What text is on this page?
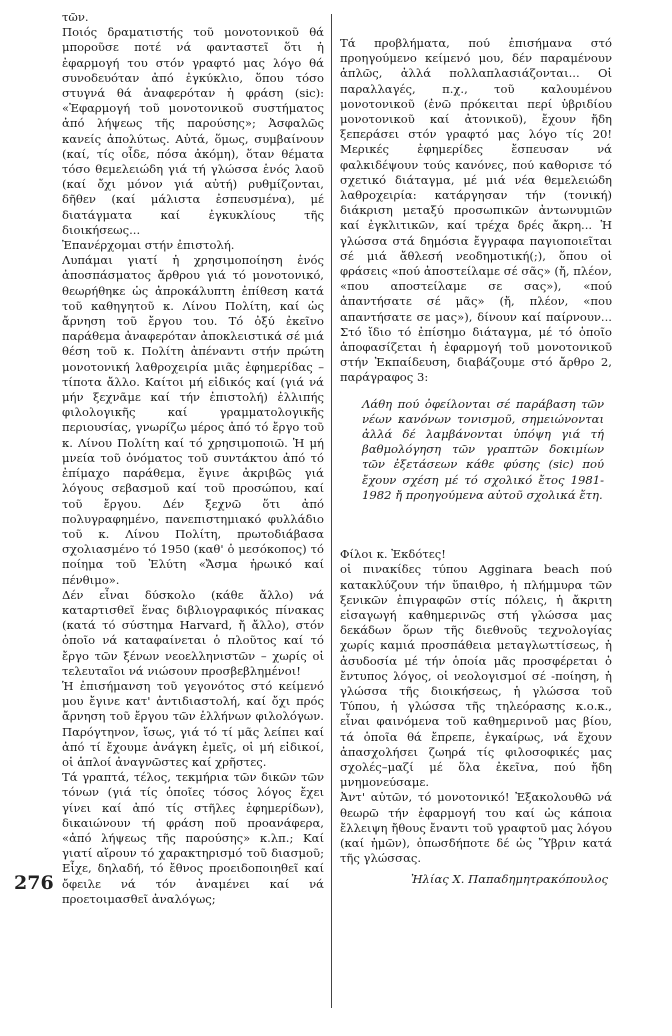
276

τῶν.

Ποιός δραματιστής τοῦ μονοτονικοῦ θά μποροῦσε ποτέ νά φανταστεῖ ὅτι ἡ ἐφαρμογή του στόν γραφτό μας λόγο θά συνοδευόταν ἀπό ἐγκύκλιο, ὅπου τόσο στυγνά θά ἀναφερόταν ἡ φράση (sic): «Ἐφαρμογή τοῦ μονοτονικοῦ συστήματος ἀπό λήψεως τῆς παρούσης»; Ἀσφαλῶς κανείς ἀπολύτως. Αὐτά, ὅμως, συμβαίνουν (καί, τίς οἶδε, πόσα ἀκόμη), ὅταν θέματα τόσο θεμελειώδη γιά τή γλώσσα ἑνός λαοῦ (καί ὄχι μόνον γιά αὐτή) ρυθμίζονται, δῆθεν (καί μάλιστα ἐσπευσμένα), μέ διατάγματα καί ἐγκυκλίους τῆς διοικήσεως...

Ἐπανέρχομαι στήν ἐπιστολή.

Λυπάμαι γιατί ἡ χρησιμοποίηση ἑνός ἀποσπάσματος ἄρθρου γιά τό μονοτονικό, θεωρήθηκε ὡς ἀπροκάλυπτη ἐπίθεση κατά τοῦ καθηγητοῦ κ. Λίνου Πολίτη, καί ὡς ἄρνηση τοῦ ἔργου του. Τό ὀξύ ἐκεῖνο παράθεμα ἀναφερόταν ἀποκλειστικά σέ μιά θέση τοῦ κ. Πολίτη ἀπέναντι στήν πρώτη μονοτονική λαθροχειρία μιᾶς ἐφημερίδας –τίποτα ἄλλο. Καίτοι μή εἰδικός καί (γιά νά μήν ξεχνᾶμε καί τήν ἐπιστολή) ἐλλιπής φιλολογικῆς καί γραμματολογικῆς περιουσίας, γνωρίζω μέρος ἀπό τό ἔργο τοῦ κ. Λίνου Πολίτη καί τό χρησιμοποιῶ. Ἡ μή μνεία τοῦ ὀνόματος τοῦ συντάκτου ἀπό τό ἐπίμαχο παράθεμα, ἔγινε ἀκριβῶς γιά λόγους σεβασμοῦ καί τοῦ προσώπου, καί τοῦ ἔργου. Δέν ξεχνῶ ὅτι ἀπό πολυγραφημένο, πανεπιστημιακό φυλλάδιο τοῦ κ. Λίνου Πολίτη, πρωτοδιάβασα σχολιασμένο τό 1950 (καθ' ὁ μεσόκοπος) τό ποίημα τοῦ Ἐλύτη «Ἄσμα ἡρωικό καί πένθιμο».

Δέν εἶναι δύσκολο (κάθε ἄλλο) νά καταρτισθεῖ ἕνας διβλιογραφικός πίνακας (κατά τό σύστημα Harvard, ἤ ἄλλο), στόν ὁποῖο νά καταφαίνεται ὁ πλοῦτος καί τό ἔργο τῶν ξένων νεοελληνιστῶν – χωρίς οἱ τελευταῖοι νά νιώσουν προσβεβλημένοι!

Ἡ ἐπισήμανση τοῦ γεγονότος στό κείμενό μου ἔγινε κατ' ἀντιδιαστολή, καί ὄχι πρός ἄρνηση τοῦ ἔργου τῶν ἑλλήνων φιλολόγων. Παρόγτηνον, ἴσως, γιά τό τί μᾶς λείπει καί ἀπό τί ἔχουμε ἀνάγκη ἐμεῖς, οἱ μή εἰδικοί, οἱ ἁπλοί ἀναγνῶστες καί χρῆστες.

Τά γραπτά, τέλος, τεκμήρια τῶν δικῶν τῶν τόνων (γιά τίς ὁποῖες τόσος λόγος ἔχει γίνει καί ἀπό τίς στῆλες ἐφημερίδων), δικαιώνουν τή φράση ποῦ προανάφερα, «ἀπό λήψεως τῆς παρούσης» κ.λπ.; Καί γιατί αἴρουν τό χαρακτηρισμό τοῦ διασμοῦ; Εἶχε, δηλαδή, τό ἔθνος προειδοποιηθεῖ καί ὄφειλε νά τόν ἀναμένει καί νά προετοιμασθεῖ ἀναλόγως;

Τά προβλήματα, πού ἐπισήμανα στό προηγούμενο κείμενό μου, δέν παραμένουν ἁπλῶς, ἀλλά πολλαπλασιάζονται... Οἱ παραλλαγές, π.χ., τοῦ καλουμένου μονοτονικοῦ (ἐνῶ πρόκειται περί ὑβριδίου μονοτονικοῦ καί ἀτονικοῦ), ἔχουν ἤδη ξεπεράσει στόν γραφτό μας λόγο τίς 20! Μερικές ἐφημερίδες ἔσπευσαν νά φαλκιδέψουν τούς κανόνες, πού καθορισε τό σχετικό διάταγμα, μέ μιά νέα θεμελειώδη λαθροχειρία: κατάργησαν τήν (τονική) διάκριση μεταξύ προσωπικῶν ἀντωνυμιῶν καί ἐγκλιτικῶν, καί τρέχα δρές ἄκρη... Ἡ γλώσσα στά δημόσια ἔγγραφα παγιοποιεῖται σέ μιά ἄθλεσή νεοδημοτική(;), ὅπου οἱ φράσεις «πού ἀποστείλαμε σέ σᾶς» (ἤ, πλέον, «που αποστείλαμε σε σας»), «πού ἀπαντήσατε σέ μᾶς» (ἤ, πλέον, «που απαντήσατε σε μας»), δίνουν καί παίρνουν... Στό ἴδιο τό ἐπίσημο διάταγμα, μέ τό ὁποῖο ἀποφασίζεται ἡ ἐφαρμογή τοῦ μονοτονικοῦ στήν Ἐκπαίδευση, διαβάζουμε στό ἄρθρο 2, παράγραφος 3:

Λάθη πού ὀφείλονται σέ παράβαση τῶν νέων κανόνων τονισμοῦ, σημειώνονται ἀλλά δέ λαμβάνονται ὑπόψη γιά τή βαθμολόγηση τῶν γραπτῶν δοκιμίων τῶν ἐξετάσεων κάθε φύσης (sic) πού ἔχουν σχέση μέ τό σχολικό ἔτος 1981-1982 ἤ προηγούμενα αὐτοῦ σχολικά ἔτη.

Φίλοι κ. Ἐκδότες!

οἱ πινακίδες τύπου Agginara beach πού κατακλύζουν τήν ὕπαιθρο, ἡ πλήμμυρα τῶν ξενικῶν ἐπιγραφῶν στίς πόλεις, ἡ ἄκριτη εἰσαγωγή καθημερινῶς στή γλώσσα μας δεκάδων ὅρων τῆς διεθνοῦς τεχνολογίας χωρίς καμιά προσπάθεια μεταγλωττίσεως, ἡ ἀσυδοσία μέ τήν ὁποία μᾶς προσφέρεται ὁ ἔντυπος λόγος, οἱ νεολογισμοί σέ -ποίηση, ἡ γλώσσα τῆς διοικήσεως, ἡ γλώσσα τοῦ Τύπου, ἡ γλώσσα τῆς τηλεόρασης κ.ο.κ., εἶναι φαινόμενα τοῦ καθημερινοῦ μας βίου, τά ὁποῖα θά ἔπρεπε, ἐγκαίρως, νά ἔχουν ἀπασχολήσει ζωηρά τίς φιλοσοφικές μας σχολές–μαζί μέ ὅλα ἐκεῖνα, πού ἤδη μνημονεύσαμε.

Ἀντ' αὐτῶν, τό μονοτονικό! Ἐξακολουθῶ νά θεωρῶ τήν ἐφαρμογή του καί ὡς κάποια ἔλλειψη ἤθους ἔναντι τοῦ γραφτοῦ μας λόγου (καί ἡμῶν), ὁπωσδήποτε δέ ὡς Ὕβριν κατά τῆς γλώσσας.

Ἠλίας Χ. Παπαδημητρακόπουλος
